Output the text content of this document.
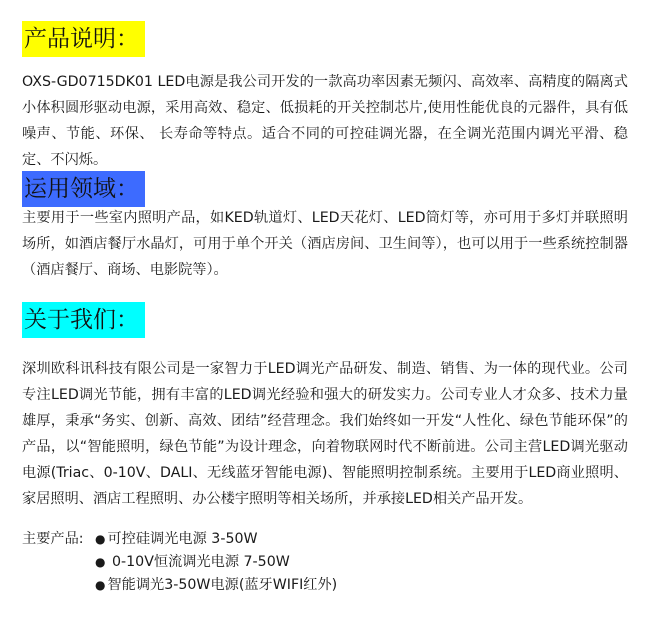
产品说明：
OXS-GD0715DK01 LED电源是我公司开发的一款高功率因素无频闪、高效率、高精度的隔离式小体积圆形驱动电源，采用高效、稳定、低损耗的开关控制芯片,使用性能优良的元器件，具有低噪声、节能、环保、 长寿命等特点。适合不同的可控硅调光器，在全调光范围内调光平滑、稳定、不闪烁。
运用领域：
主要用于一些室内照明产品，如KED轨道灯、LED天花灯、LED筒灯等，亦可用于多灯并联照明场所，如酒店餐厅水晶灯，可用于单个开关（酒店房间、卫生间等），也可以用于一些系统控制器（酒店餐厅、商场、电影院等）。
关于我们：
深圳欧科讯科技有限公司是一家智力于LED调光产品研发、制造、销售、为一体的现代业。公司专注LED调光节能，拥有丰富的LED调光经验和强大的研发实力。公司专业人才众多、技术力量雄厚，秉承“务实、创新、高效、团结”经营理念。我们始终如一开发“人性化、绿色节能环保”的产品，以“智能照明，绿色节能”为设计理念，向着物联网时代不断前进。公司主营LED调光驱动电源(Triac、0-10V、DALI、无线蓝牙智能电源)、智能照明控制系统。主要用于LED商业照明、家居照明、酒店工程照明、办公楼宇照明等相关场所，并承接LED相关产品开发。
主要产品: ● 可控硅调光电源 3-50W
● 0-10V恒流调光电源 7-50W
● 智能调光3-50W电源(蓝牙WIFI红外)
